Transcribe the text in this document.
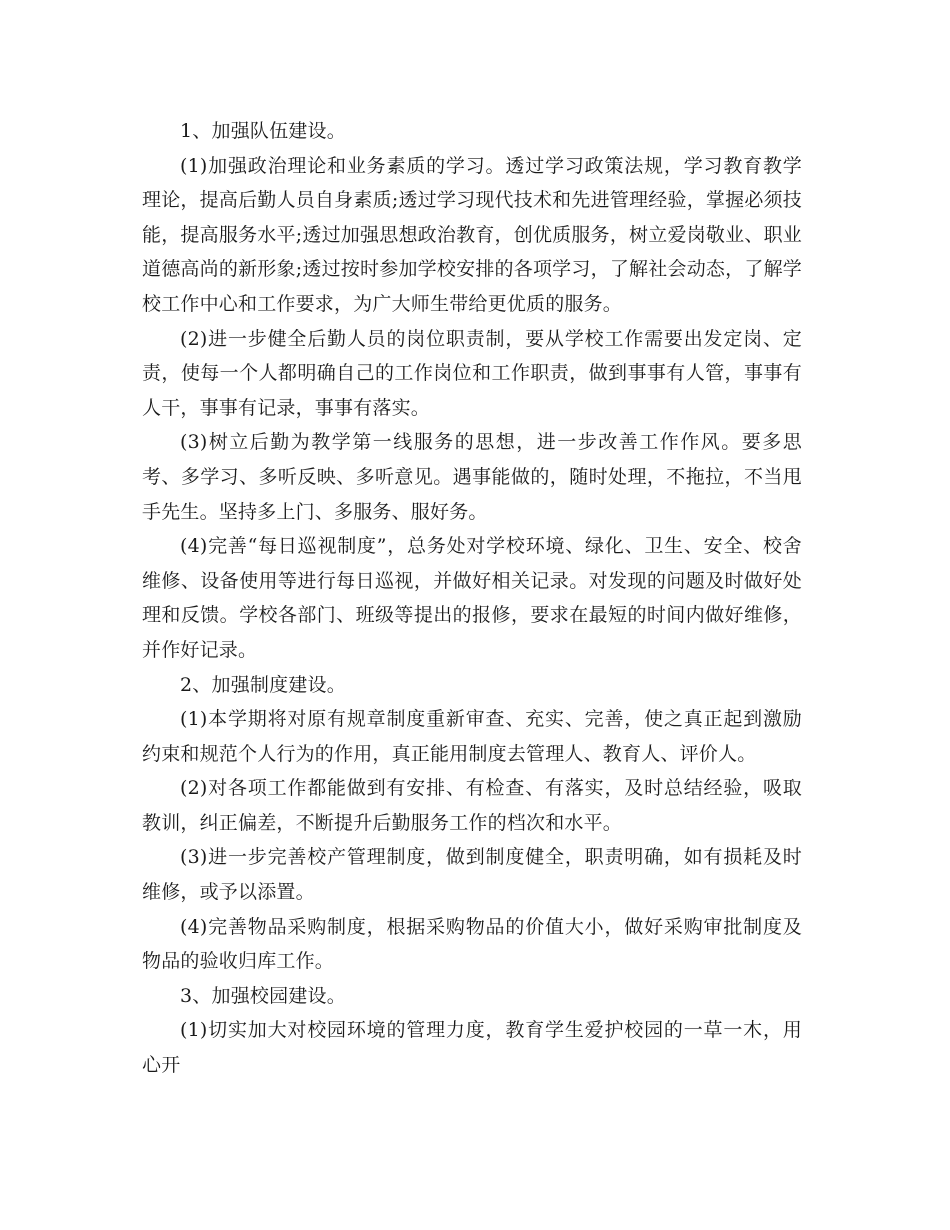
1、加强队伍建设。

(1)加强政治理论和业务素质的学习。透过学习政策法规，学习教育教学理论，提高后勤人员自身素质;透过学习现代技术和先进管理经验，掌握必须技能，提高服务水平;透过加强思想政治教育，创优质服务，树立爱岗敬业、职业道德高尚的新形象;透过按时参加学校安排的各项学习，了解社会动态，了解学校工作中心和工作要求，为广大师生带给更优质的服务。

(2)进一步健全后勤人员的岗位职责制，要从学校工作需要出发定岗、定责，使每一个人都明确自己的工作岗位和工作职责，做到事事有人管，事事有人干，事事有记录，事事有落实。

(3)树立后勤为教学第一线服务的思想，进一步改善工作作风。要多思考、多学习、多听反映、多听意见。遇事能做的，随时处理，不拖拉，不当甩手先生。坚持多上门、多服务、服好务。

(4)完善“每日巡视制度”，总务处对学校环境、绿化、卫生、安全、校舍维修、设备使用等进行每日巡视，并做好相关记录。对发现的问题及时做好处理和反馈。学校各部门、班级等提出的报修，要求在最短的时间内做好维修，并作好记录。

2、加强制度建设。

(1)本学期将对原有规章制度重新审查、充实、完善，使之真正起到激励约束和规范个人行为的作用，真正能用制度去管理人、教育人、评价人。

(2)对各项工作都能做到有安排、有检查、有落实，及时总结经验，吸取教训，纠正偏差，不断提升后勤服务工作的档次和水平。

(3)进一步完善校产管理制度，做到制度健全，职责明确，如有损耗及时维修，或予以添置。

(4)完善物品采购制度，根据采购物品的价值大小，做好采购审批制度及物品的验收归库工作。

3、加强校园建设。

(1)切实加大对校园环境的管理力度，教育学生爱护校园的一草一木，用心开
